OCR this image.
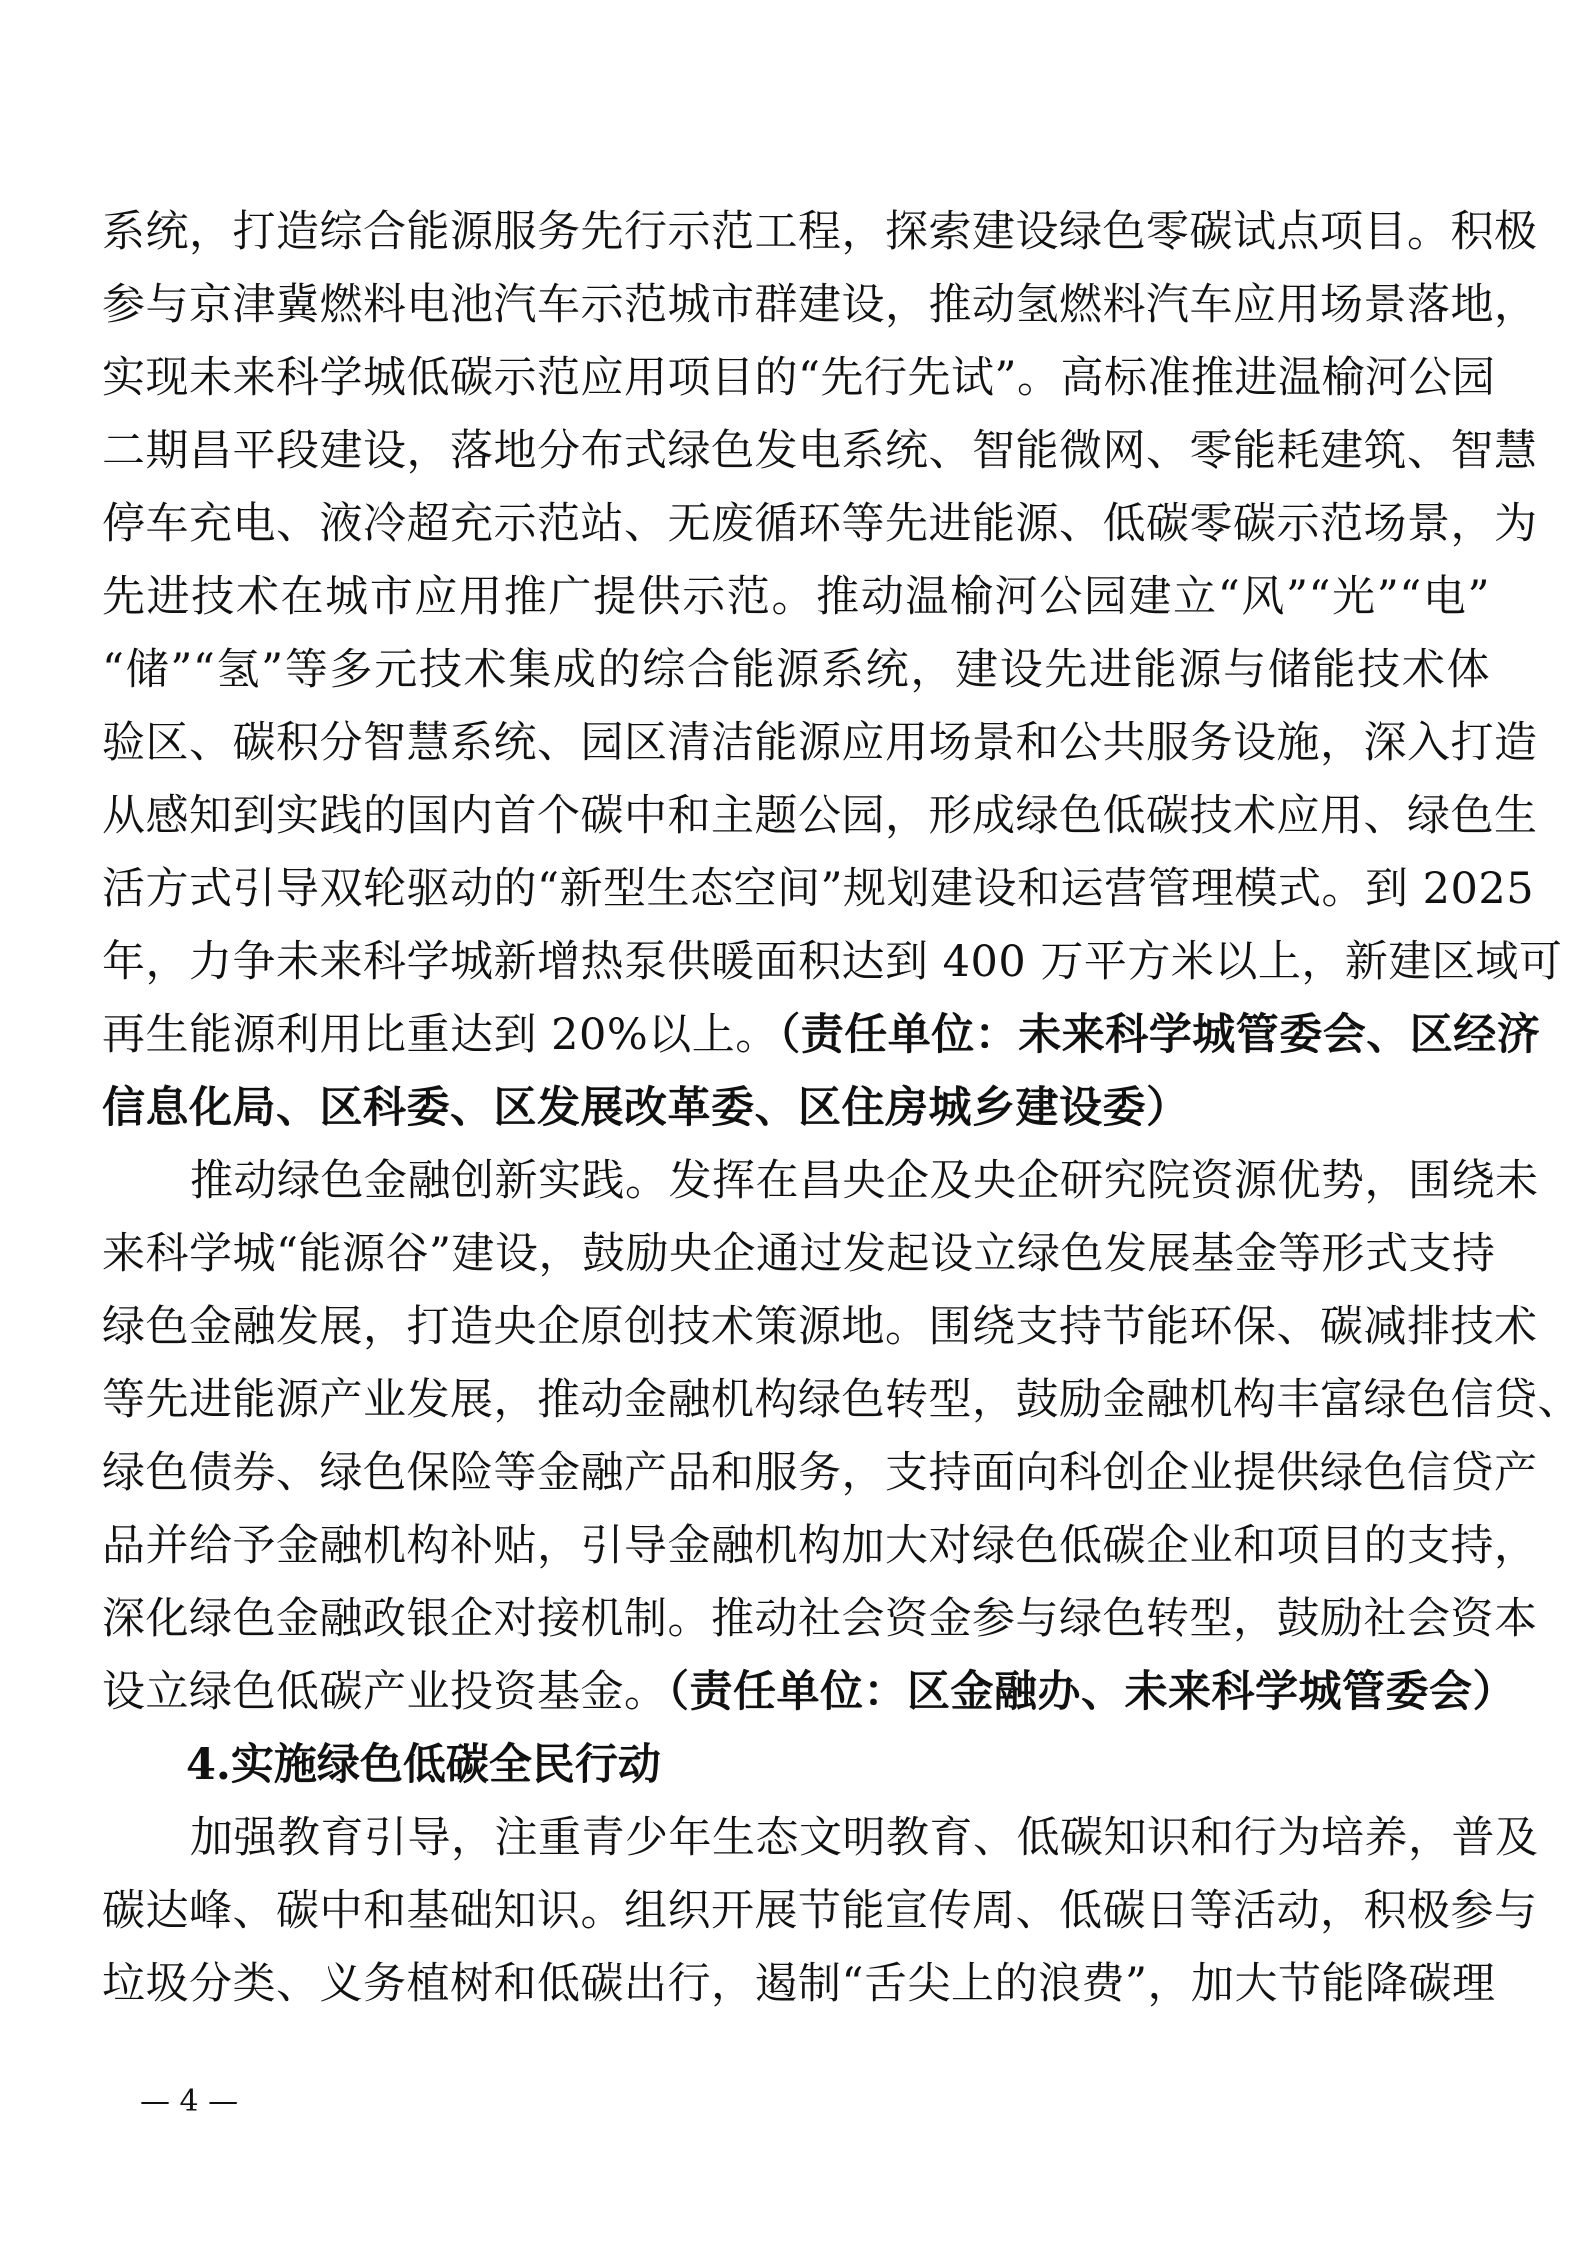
系统，打造综合能源服务先行示范工程，探索建设绿色零碳试点项目。积极
参与京津冀燃料电池汽车示范城市群建设，推动氢燃料汽车应用场景落地，
实现未来科学城低碳示范应用项目的“先行先试”。高标准推进温榆河公园
二期昌平段建设，落地分布式绿色发电系统、智能微网、零能耗建筑、智慧
停车充电、液冷超充示范站、无废循环等先进能源、低碳零碳示范场景，为
先进技术在城市应用推广提供示范。推动温榆河公园建立“风”“光”“电”
“储”“氢”等多元技术集成的综合能源系统，建设先进能源与储能技术体
验区、碳积分智慧系统、园区清洁能源应用场景和公共服务设施，深入打造
从感知到实践的国内首个碳中和主题公园，形成绿色低碳技术应用、绿色生
活方式引导双轮驱动的“新型生态空间”规划建设和运营管理模式。到 2025
年，力争未来科学城新增热泵供暖面积达到 400 万平方米以上，新建区域可
再生能源利用比重达到 20%以上。（责任单位：未来科学城管委会、区经济
信息化局、区科委、区发展改革委、区住房城乡建设委）
推动绿色金融创新实践。发挥在昌央企及央企研究院资源优势，围绕未
来科学城“能源谷”建设，鼓励央企通过发起设立绿色发展基金等形式支持
绿色金融发展，打造央企原创技术策源地。围绕支持节能环保、碳减排技术
等先进能源产业发展，推动金融机构绿色转型，鼓励金融机构丰富绿色信贷、
绿色债券、绿色保险等金融产品和服务，支持面向科创企业提供绿色信贷产
品并给予金融机构补贴，引导金融机构加大对绿色低碳企业和项目的支持，
深化绿色金融政银企对接机制。推动社会资金参与绿色转型，鼓励社会资本
设立绿色低碳产业投资基金。（责任单位：区金融办、未来科学城管委会）
4.实施绿色低碳全民行动
加强教育引导，注重青少年生态文明教育、低碳知识和行为培养，普及
碳达峰、碳中和基础知识。组织开展节能宣传周、低碳日等活动，积极参与
垃圾分类、义务植树和低碳出行，遏制“舌尖上的浪费”，加大节能降碳理
— 4 —
